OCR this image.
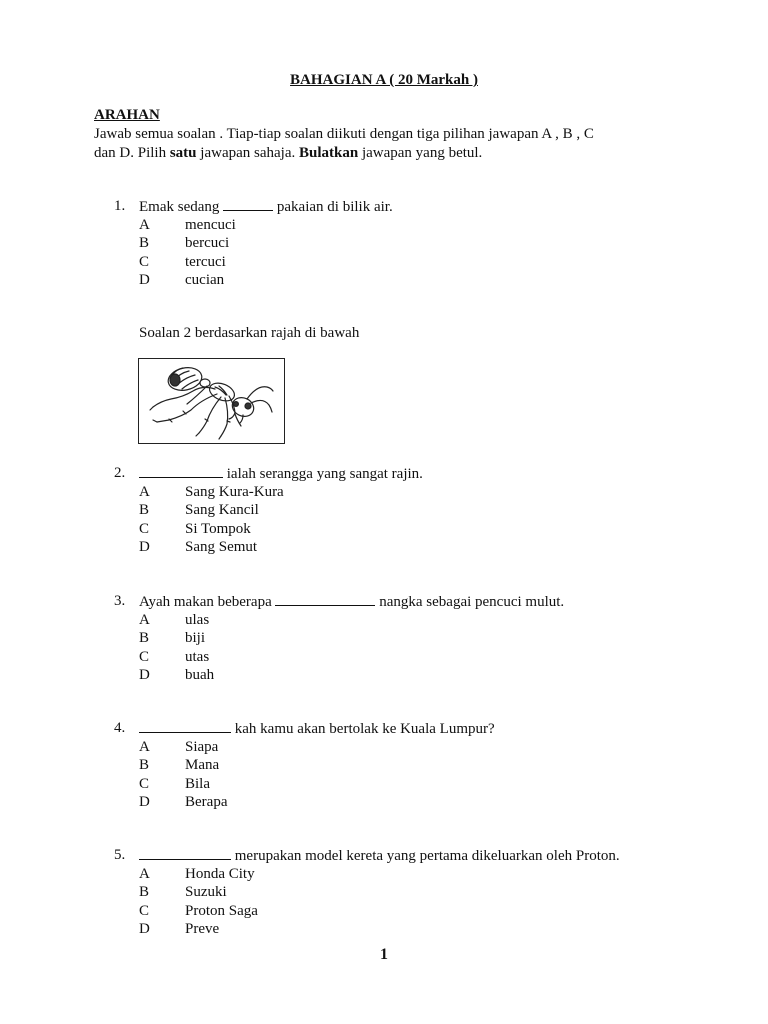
BAHAGIAN A ( 20 Markah )
ARAHAN
Jawab semua soalan . Tiap-tiap soalan diikuti dengan tiga pilihan jawapan A , B , C
dan D. Pilih satu jawapan sahaja. Bulatkan jawapan yang betul.
1. Emak sedang	pakaian di bilik air.
A mencuci
B bercuci
C tercuci
D cucian
Soalan 2 berdasarkan rajah di bawah
2.	ialah serangga yang sangat rajin.
A Sang Kura-Kura
B Sang Kancil
C Si Tompok
D Sang Semut
3. Ayah makan beberapa	nangka sebagai pencuci mulut.
A ulas
B biji
C utas
D buah
4.	kah kamu akan bertolak ke Kuala Lumpur?
A Siapa
B Mana
C Bila
D Berapa
5.	merupakan model kereta yang pertama dikeluarkan oleh Proton.
A Honda City
B Suzuki
C Proton Saga
D Preve
1
